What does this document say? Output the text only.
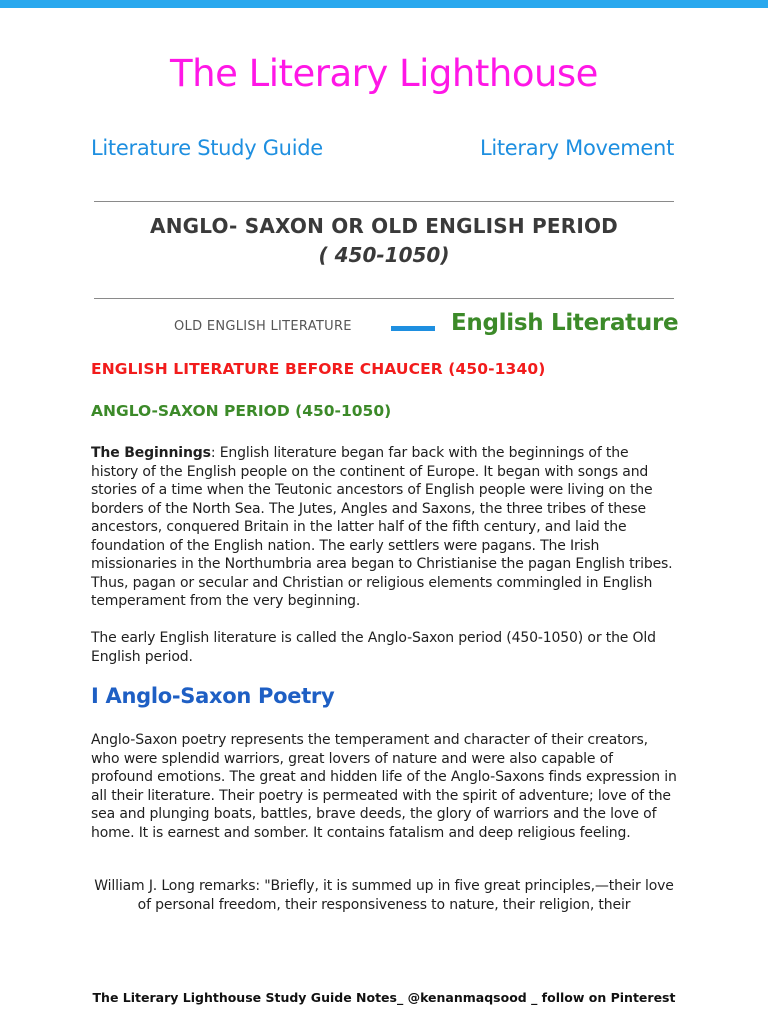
The Literary Lighthouse
Literature Study Guide	Literary Movement
ANGLO- SAXON OR OLD ENGLISH PERIOD
( 450-1050)
OLD ENGLISH LITERATURE	English Literature
ENGLISH LITERATURE BEFORE CHAUCER (450-1340)
ANGLO-SAXON PERIOD (450-1050)

The Beginnings: English literature began far back with the beginnings of the history of the English people on the continent of Europe. It began with songs and stories of a time when the Teutonic ancestors of English people were living on the borders of the North Sea. The Jutes, Angles and Saxons, the three tribes of these ancestors, conquered Britain in the latter half of the fifth century, and laid the foundation of the English nation. The early settlers were pagans. The Irish missionaries in the Northumbria area began to Christianise the pagan English tribes. Thus, pagan or secular and Christian or religious elements commingled in English temperament from the very beginning.

The early English literature is called the Anglo-Saxon period (450-1050) or the Old English period.

I Anglo-Saxon Poetry

Anglo-Saxon poetry represents the temperament and character of their creators, who were splendid warriors, great lovers of nature and were also capable of profound emotions. The great and hidden life of the Anglo-Saxons finds expression in all their literature. Their poetry is permeated with the spirit of adventure; love of the sea and plunging boats, battles, brave deeds, the glory of warriors and the love of home. It is earnest and somber. It contains fatalism and deep religious feeling.

William J. Long remarks: "Briefly, it is summed up in five great principles,—their love of personal freedom, their responsiveness to nature, their religion, their

The Literary Lighthouse Study Guide Notes_ @kenanmaqsood _ follow on Pinterest
